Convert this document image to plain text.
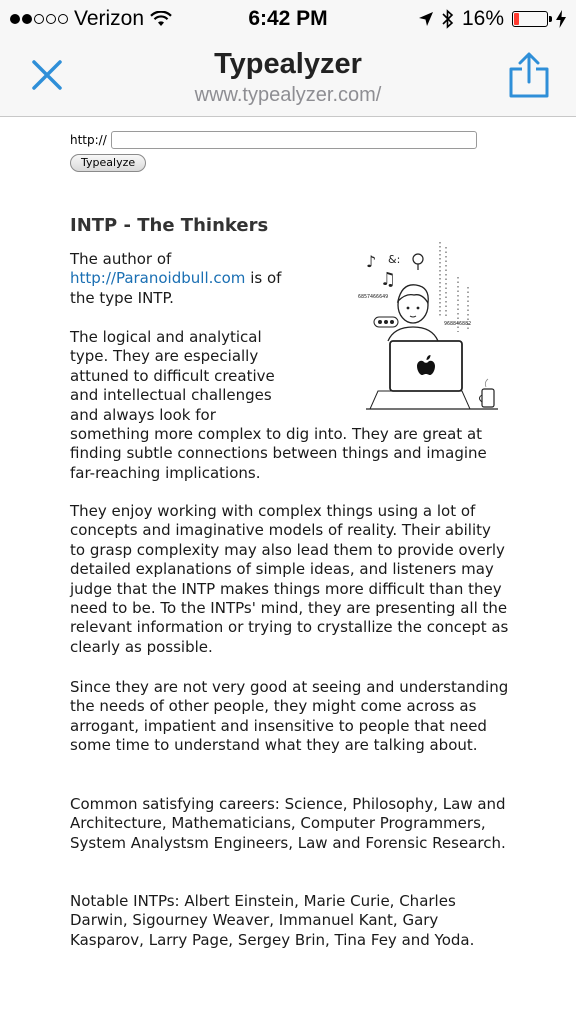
Verizon	6:42 PM	16%
Typealyzer
www.typealyzer.com/
http://
Typealyze
INTP - The Thinkers
♪
♫
&:
6857466649
968846882

The author of http://Paranoidbull.com is of the type INTP.

The logical and analytical type. They are especially attuned to difficult creative and intellectual challenges and always look for something more complex to dig into. They are great at finding subtle connections between things and imagine far-reaching implications.

They enjoy working with complex things using a lot of concepts and imaginative models of reality. Their ability to grasp complexity may also lead them to provide overly detailed explanations of simple ideas, and listeners may judge that the INTP makes things more difficult than they need to be. To the INTPs' mind, they are presenting all the relevant information or trying to crystallize the concept as clearly as possible.

Since they are not very good at seeing and understanding the needs of other people, they might come across as arrogant, impatient and insensitive to people that need some time to understand what they are talking about.

Common satisfying careers: Science, Philosophy, Law and Architecture, Mathematicians, Computer Programmers, System Analystsm Engineers, Law and Forensic Research.

Notable INTPs: Albert Einstein, Marie Curie, Charles Darwin, Sigourney Weaver, Immanuel Kant, Gary Kasparov, Larry Page, Sergey Brin, Tina Fey and Yoda.
